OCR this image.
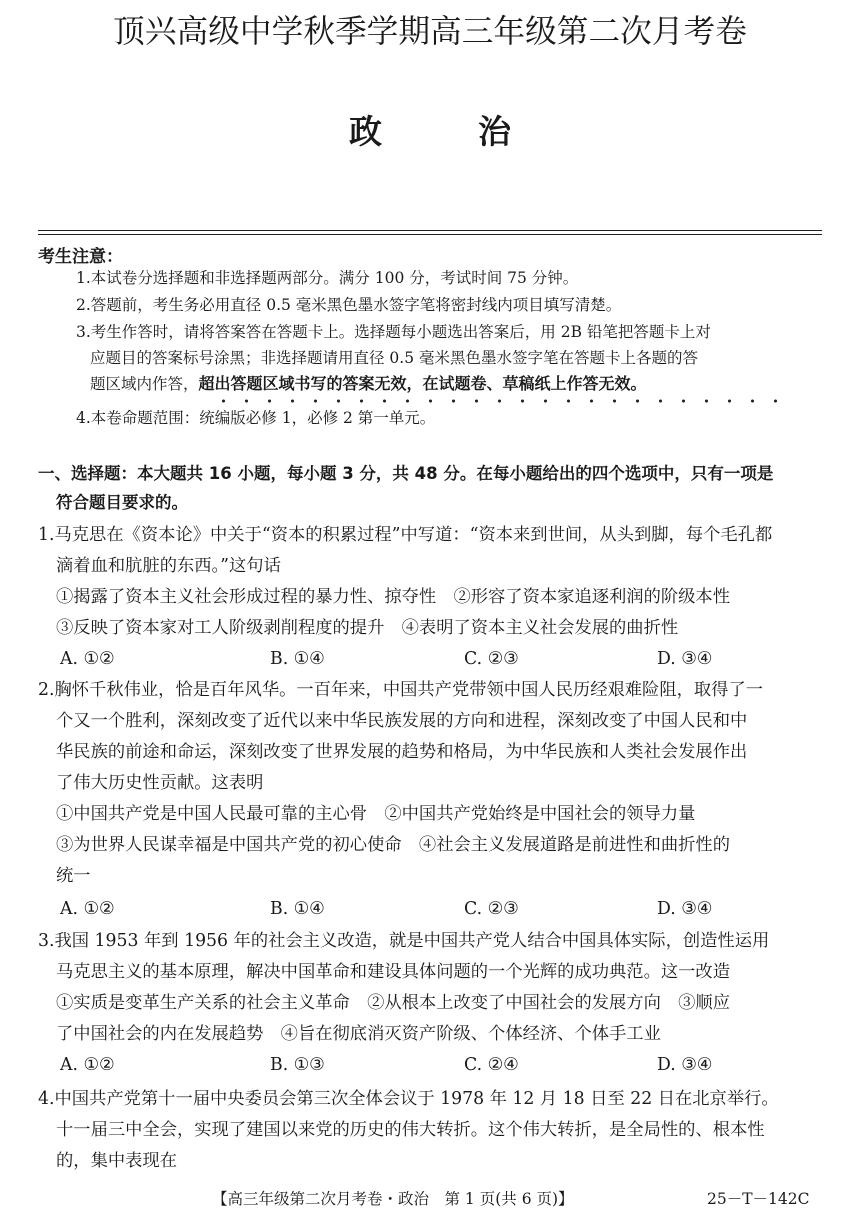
顶兴高级中学秋季学期高三年级第二次月考卷
政	治
考生注意：
1.本试卷分选择题和非选择题两部分。满分 100 分，考试时间 75 分钟。
2.答题前，考生务必用直径 0.5 毫米黑色墨水签字笔将密封线内项目填写清楚。
3.考生作答时，请将答案答在答题卡上。选择题每小题选出答案后，用 2B 铅笔把答题卡上对
应题目的答案标号涂黑；非选择题请用直径 0.5 毫米黑色墨水签字笔在答题卡上各题的答
题区域内作答，超出答题区域书写的答案无效，在试题卷、草稿纸上作答无效。
4.本卷命题范围：统编版必修 1，必修 2 第一单元。
一、选择题：本大题共 16 小题，每小题 3 分，共 48 分。在每小题给出的四个选项中，只有一项是
符合题目要求的。
1.马克思在《资本论》中关于“资本的积累过程”中写道：“资本来到世间，从头到脚，每个毛孔都
滴着血和肮脏的东西。”这句话
①揭露了资本主义社会形成过程的暴力性、掠夺性　②形容了资本家追逐利润的阶级本性
③反映了资本家对工人阶级剥削程度的提升　④表明了资本主义社会发展的曲折性
A. ①②	B. ①④	C. ②③	D. ③④
2.胸怀千秋伟业，恰是百年风华。一百年来，中国共产党带领中国人民历经艰难险阻，取得了一
个又一个胜利，深刻改变了近代以来中华民族发展的方向和进程，深刻改变了中国人民和中
华民族的前途和命运，深刻改变了世界发展的趋势和格局，为中华民族和人类社会发展作出
了伟大历史性贡献。这表明
①中国共产党是中国人民最可靠的主心骨　②中国共产党始终是中国社会的领导力量
③为世界人民谋幸福是中国共产党的初心使命　④社会主义发展道路是前进性和曲折性的
统一
A. ①②	B. ①④	C. ②③	D. ③④
3.我国 1953 年到 1956 年的社会主义改造，就是中国共产党人结合中国具体实际，创造性运用
马克思主义的基本原理，解决中国革命和建设具体问题的一个光辉的成功典范。这一改造
①实质是变革生产关系的社会主义革命　②从根本上改变了中国社会的发展方向　③顺应
了中国社会的内在发展趋势　④旨在彻底消灭资产阶级、个体经济、个体手工业
A. ①②	B. ①③	C. ②④	D. ③④
4.中国共产党第十一届中央委员会第三次全体会议于 1978 年 12 月 18 日至 22 日在北京举行。
十一届三中全会，实现了建国以来党的历史的伟大转折。这个伟大转折，是全局性的、根本性
的，集中表现在
【高三年级第二次月考卷・政治　第 1 页(共 6 页)】	25－T－142C
